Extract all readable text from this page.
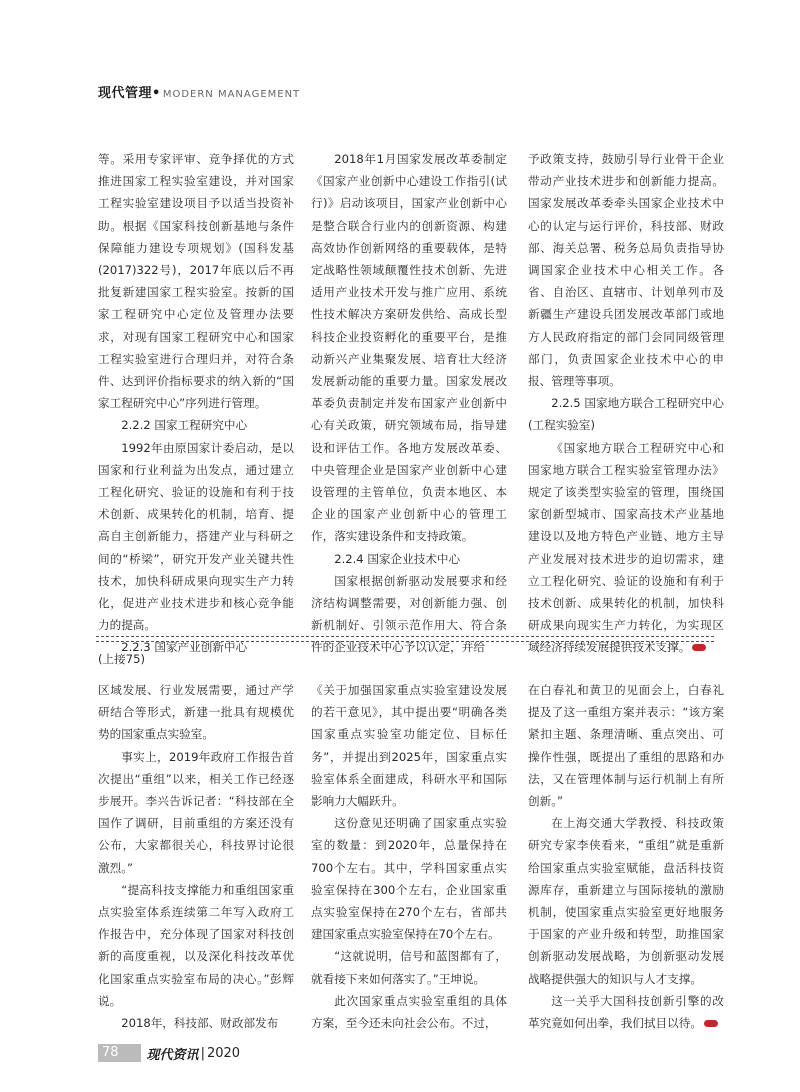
现代管理• MODERN MANAGEMENT

等。采用专家评审、竞争择优的方式推进国家工程实验室建设，并对国家工程实验室建设项目予以适当投资补助。根据《国家科技创新基地与条件保障能力建设专项规划》(国科发基(2017)322号)，2017年底以后不再批复新建国家工程实验室。按新的国家工程研究中心定位及管理办法要求，对现有国家工程研究中心和国家工程实验室进行合理归并，对符合条件、达到评价指标要求的纳入新的“国家工程研究中心”序列进行管理。

2.2.2 国家工程研究中心

1992年由原国家计委启动，是以国家和行业利益为出发点，通过建立工程化研究、验证的设施和有利于技术创新、成果转化的机制，培育、提高自主创新能力，搭建产业与科研之间的“桥梁”，研究开发产业关键共性技术，加快科研成果向现实生产力转化，促进产业技术进步和核心竞争能力的提高。

2.2.3 国家产业创新中心

2018年1月国家发展改革委制定《国家产业创新中心建设工作指引(试行)》启动该项目，国家产业创新中心是整合联合行业内的创新资源、构建高效协作创新网络的重要载体，是特定战略性领域颠覆性技术创新、先进适用产业技术开发与推广应用、系统性技术解决方案研发供给、高成长型科技企业投资孵化的重要平台，是推动新兴产业集聚发展、培育壮大经济发展新动能的重要力量。国家发展改革委负责制定并发布国家产业创新中心有关政策，研究领域布局，指导建设和评估工作。各地方发展改革委、中央管理企业是国家产业创新中心建设管理的主管单位，负责本地区、本企业的国家产业创新中心的管理工作，落实建设条件和支持政策。

2.2.4 国家企业技术中心

国家根据创新驱动发展要求和经济结构调整需要，对创新能力强、创新机制好、引领示范作用大、符合条件的企业技术中心予以认定，并给

予政策支持，鼓励引导行业骨干企业带动产业技术进步和创新能力提高。国家发展改革委牵头国家企业技术中心的认定与运行评价，科技部、财政部、海关总署、税务总局负责指导协调国家企业技术中心相关工作。各省、自治区、直辖市、计划单列市及新疆生产建设兵团发展改革部门或地方人民政府指定的部门会同同级管理部门，负责国家企业技术中心的申报、管理等事项。

2.2.5 国家地方联合工程研究中心(工程实验室)

《国家地方联合工程研究中心和国家地方联合工程实验室管理办法》规定了该类型实验室的管理，围绕国家创新型城市、国家高技术产业基地建设以及地方特色产业链、地方主导产业发展对技术进步的迫切需求，建立工程化研究、验证的设施和有利于技术创新、成果转化的机制，加快科研成果向现实生产力转化，为实现区域经济持续发展提供技术支撑。

(上接75)

区域发展、行业发展需要，通过产学研结合等形式，新建一批具有规模优势的国家重点实验室。

事实上，2019年政府工作报告首次提出“重组”以来，相关工作已经逐步展开。李兴告诉记者：“科技部在全国作了调研，目前重组的方案还没有公布，大家都很关心，科技界讨论很激烈。”

“提高科技支撑能力和重组国家重点实验室体系连续第二年写入政府工作报告中，充分体现了国家对科技创新的高度重视，以及深化科技改革优化国家重点实验室布局的决心。”彭辉说。

2018年，科技部、财政部发布

《关于加强国家重点实验室建设发展的若干意见》，其中提出要“明确各类国家重点实验室功能定位、目标任务”，并提出到2025年，国家重点实验室体系全面建成，科研水平和国际影响力大幅跃升。

这份意见还明确了国家重点实验室的数量：到2020年，总量保持在700个左右。其中，学科国家重点实验室保持在300个左右，企业国家重点实验室保持在270个左右，省部共建国家重点实验室保持在70个左右。

“这就说明，信号和蓝图都有了，就看接下来如何落实了。”王坤说。

此次国家重点实验室重组的具体方案，至今还未向社会公布。不过，

在白春礼和黄卫的见面会上，白春礼提及了这一重组方案并表示：“该方案紧扣主题、条理清晰、重点突出、可操作性强，既提出了重组的思路和办法，又在管理体制与运行机制上有所创新。”

在上海交通大学教授、科技政策研究专家李侠看来，“重组”就是重新给国家重点实验室赋能，盘活科技资源库存，重新建立与国际接轨的激励机制，使国家重点实验室更好地服务于国家的产业升级和转型，助推国家创新驱动发展战略，为创新驱动发展战略提供强大的知识与人才支撑。

这一关乎大国科技创新引擎的改革究竟如何出拳，我们拭目以待。

78	现代资讯 | 2020
